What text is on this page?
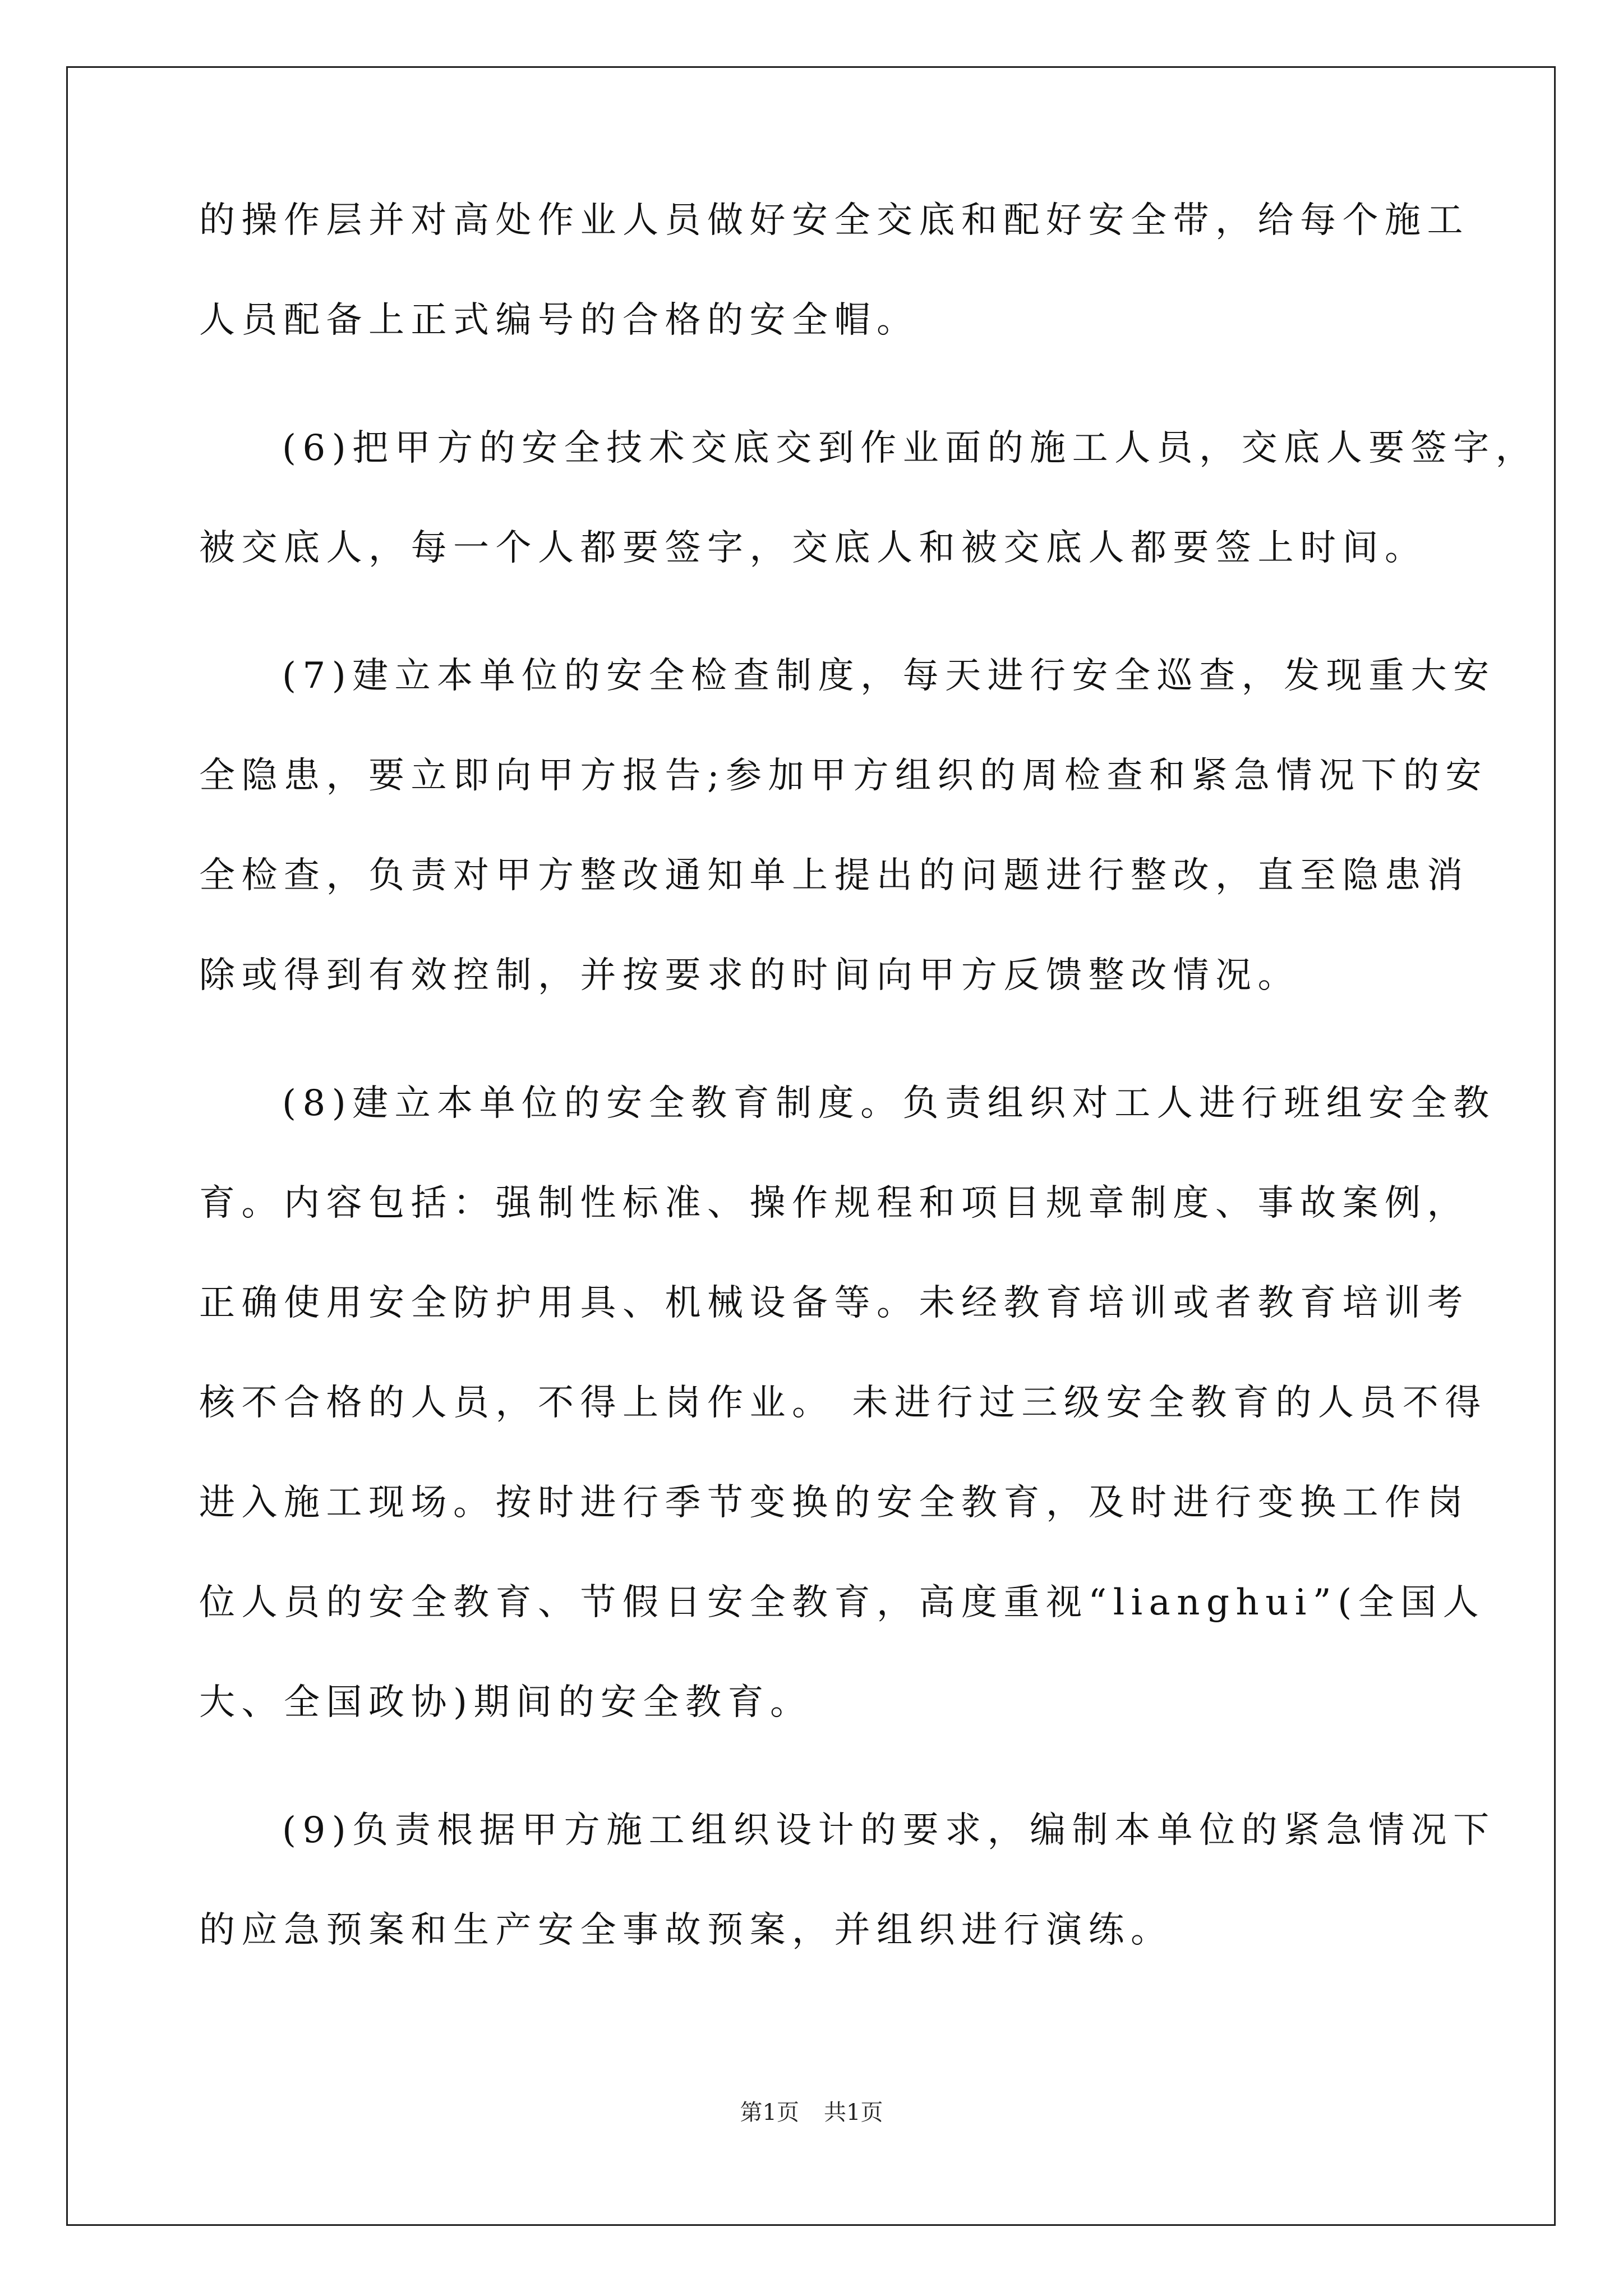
的操作层并对高处作业人员做好安全交底和配好安全带，给每个施工
人员配备上正式编号的合格的安全帽。
(6)把甲方的安全技术交底交到作业面的施工人员，交底人要签字，
被交底人，每一个人都要签字，交底人和被交底人都要签上时间。
(7)建立本单位的安全检查制度，每天进行安全巡查，发现重大安
全隐患，要立即向甲方报告;参加甲方组织的周检查和紧急情况下的安
全检查，负责对甲方整改通知单上提出的问题进行整改，直至隐患消
除或得到有效控制，并按要求的时间向甲方反馈整改情况。
(8)建立本单位的安全教育制度。负责组织对工人进行班组安全教
育。内容包括：强制性标准、操作规程和项目规章制度、事故案例，
正确使用安全防护用具、机械设备等。未经教育培训或者教育培训考
核不合格的人员，不得上岗作业。 未进行过三级安全教育的人员不得
进入施工现场。按时进行季节变换的安全教育，及时进行变换工作岗
位人员的安全教育、节假日安全教育，高度重视“lianghui”(全国人
大、全国政协)期间的安全教育。
(9)负责根据甲方施工组织设计的要求，编制本单位的紧急情况下
的应急预案和生产安全事故预案，并组织进行演练。
第1页 共1页
